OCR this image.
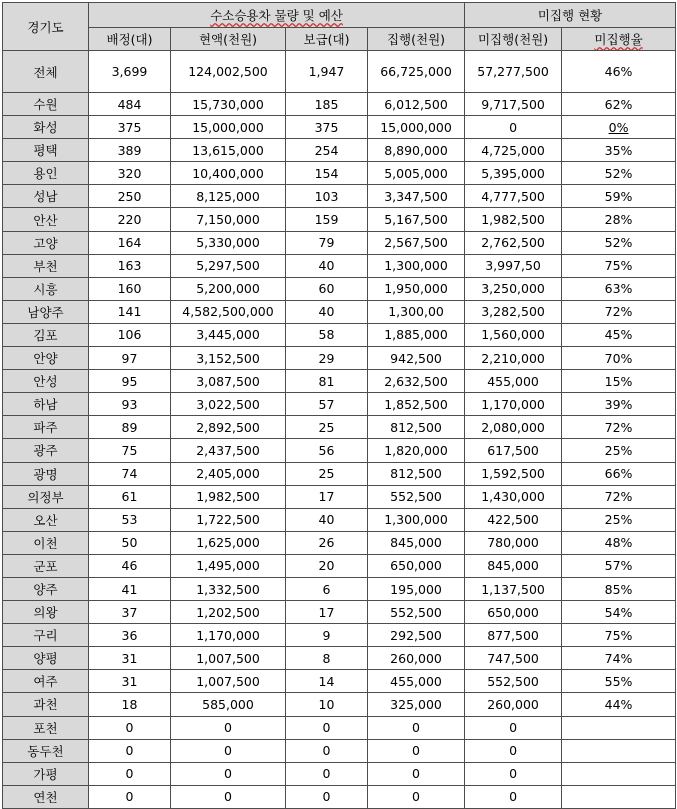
경기도	수소승용차 물량 및 예산				미집행 현황	
	배정(대)	현액(천원)	보급(대)	집행(천원)	미집행(천원)	미집행율
전체	3,699	124,002,500	1,947	66,725,000	57,277,500	46%
수원	484	15,730,000	185	6,012,500	9,717,500	62%
화성	375	15,000,000	375	15,000,000	0	0%
평택	389	13,615,000	254	8,890,000	4,725,000	35%
용인	320	10,400,000	154	5,005,000	5,395,000	52%
성남	250	8,125,000	103	3,347,500	4,777,500	59%
안산	220	7,150,000	159	5,167,500	1,982,500	28%
고양	164	5,330,000	79	2,567,500	2,762,500	52%
부천	163	5,297,500	40	1,300,000	3,997,50	75%
시흥	160	5,200,000	60	1,950,000	3,250,000	63%
남양주	141	4,582,500,000	40	1,300,00	3,282,500	72%
김포	106	3,445,000	58	1,885,000	1,560,000	45%
안양	97	3,152,500	29	942,500	2,210,000	70%
안성	95	3,087,500	81	2,632,500	455,000	15%
하남	93	3,022,500	57	1,852,500	1,170,000	39%
파주	89	2,892,500	25	812,500	2,080,000	72%
광주	75	2,437,500	56	1,820,000	617,500	25%
광명	74	2,405,000	25	812,500	1,592,500	66%
의정부	61	1,982,500	17	552,500	1,430,000	72%
오산	53	1,722,500	40	1,300,000	422,500	25%
이천	50	1,625,000	26	845,000	780,000	48%
군포	46	1,495,000	20	650,000	845,000	57%
양주	41	1,332,500	6	195,000	1,137,500	85%
의왕	37	1,202,500	17	552,500	650,000	54%
구리	36	1,170,000	9	292,500	877,500	75%
양평	31	1,007,500	8	260,000	747,500	74%
여주	31	1,007,500	14	455,000	552,500	55%
과천	18	585,000	10	325,000	260,000	44%
포천	0	0	0	0	0	
동두천	0	0	0	0	0	
가평	0	0	0	0	0	
연천	0	0	0	0	0	
